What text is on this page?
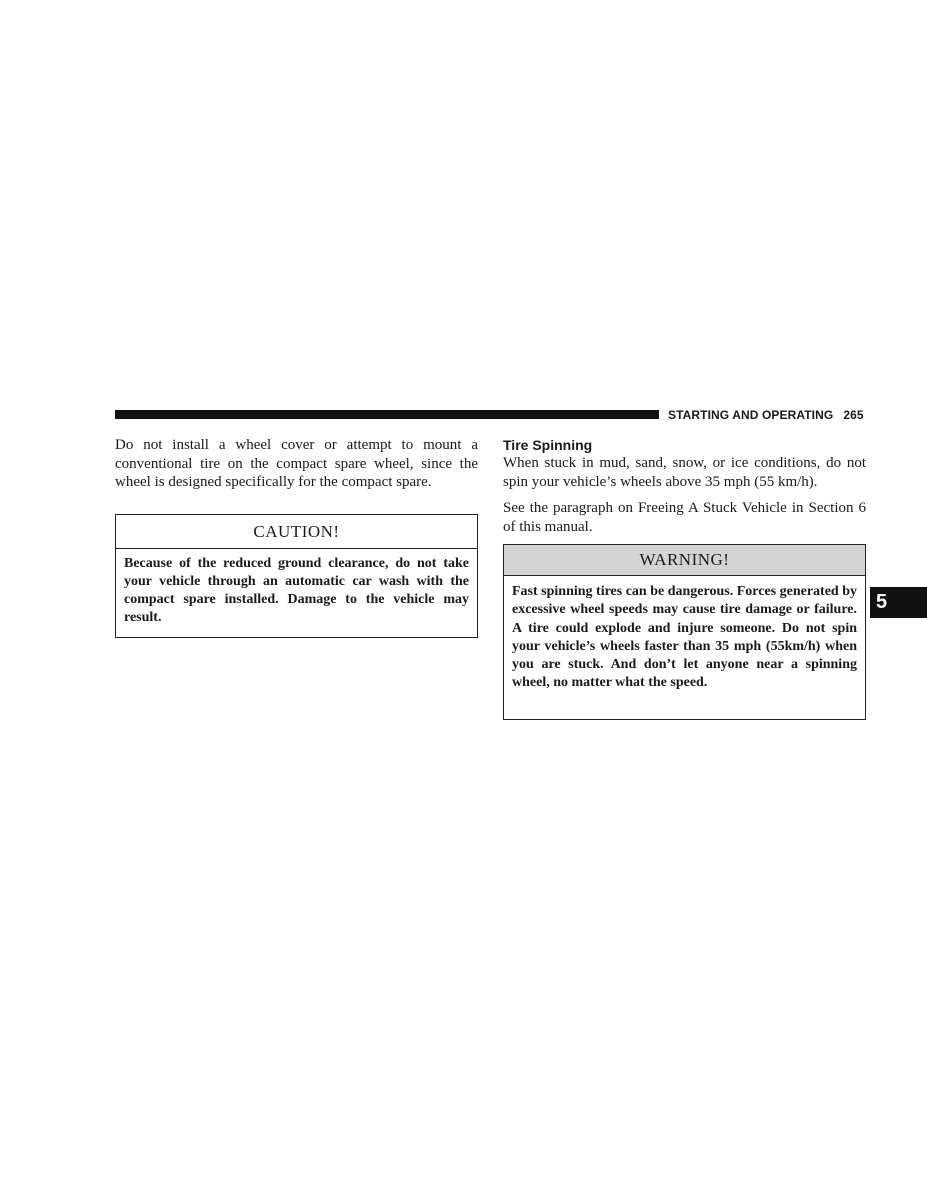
STARTING AND OPERATING 265

Do not install a wheel cover or attempt to mount a conventional tire on the compact spare wheel, since the wheel is designed specifically for the compact spare.

CAUTION!
Because of the reduced ground clearance, do not take your vehicle through an automatic car wash with the compact spare installed. Damage to the vehicle may result.
Tire Spinning

When stuck in mud, sand, snow, or ice conditions, do not spin your vehicle’s wheels above 35 mph (55 km/h).

See the paragraph on Freeing A Stuck Vehicle in Section 6 of this manual.

WARNING!
Fast spinning tires can be dangerous. Forces generated by excessive wheel speeds may cause tire damage or failure. A tire could explode and injure someone. Do not spin your vehicle’s wheels faster than 35 mph (55km/h) when you are stuck. And don’t let anyone near a spinning wheel, no matter what the speed.
5
